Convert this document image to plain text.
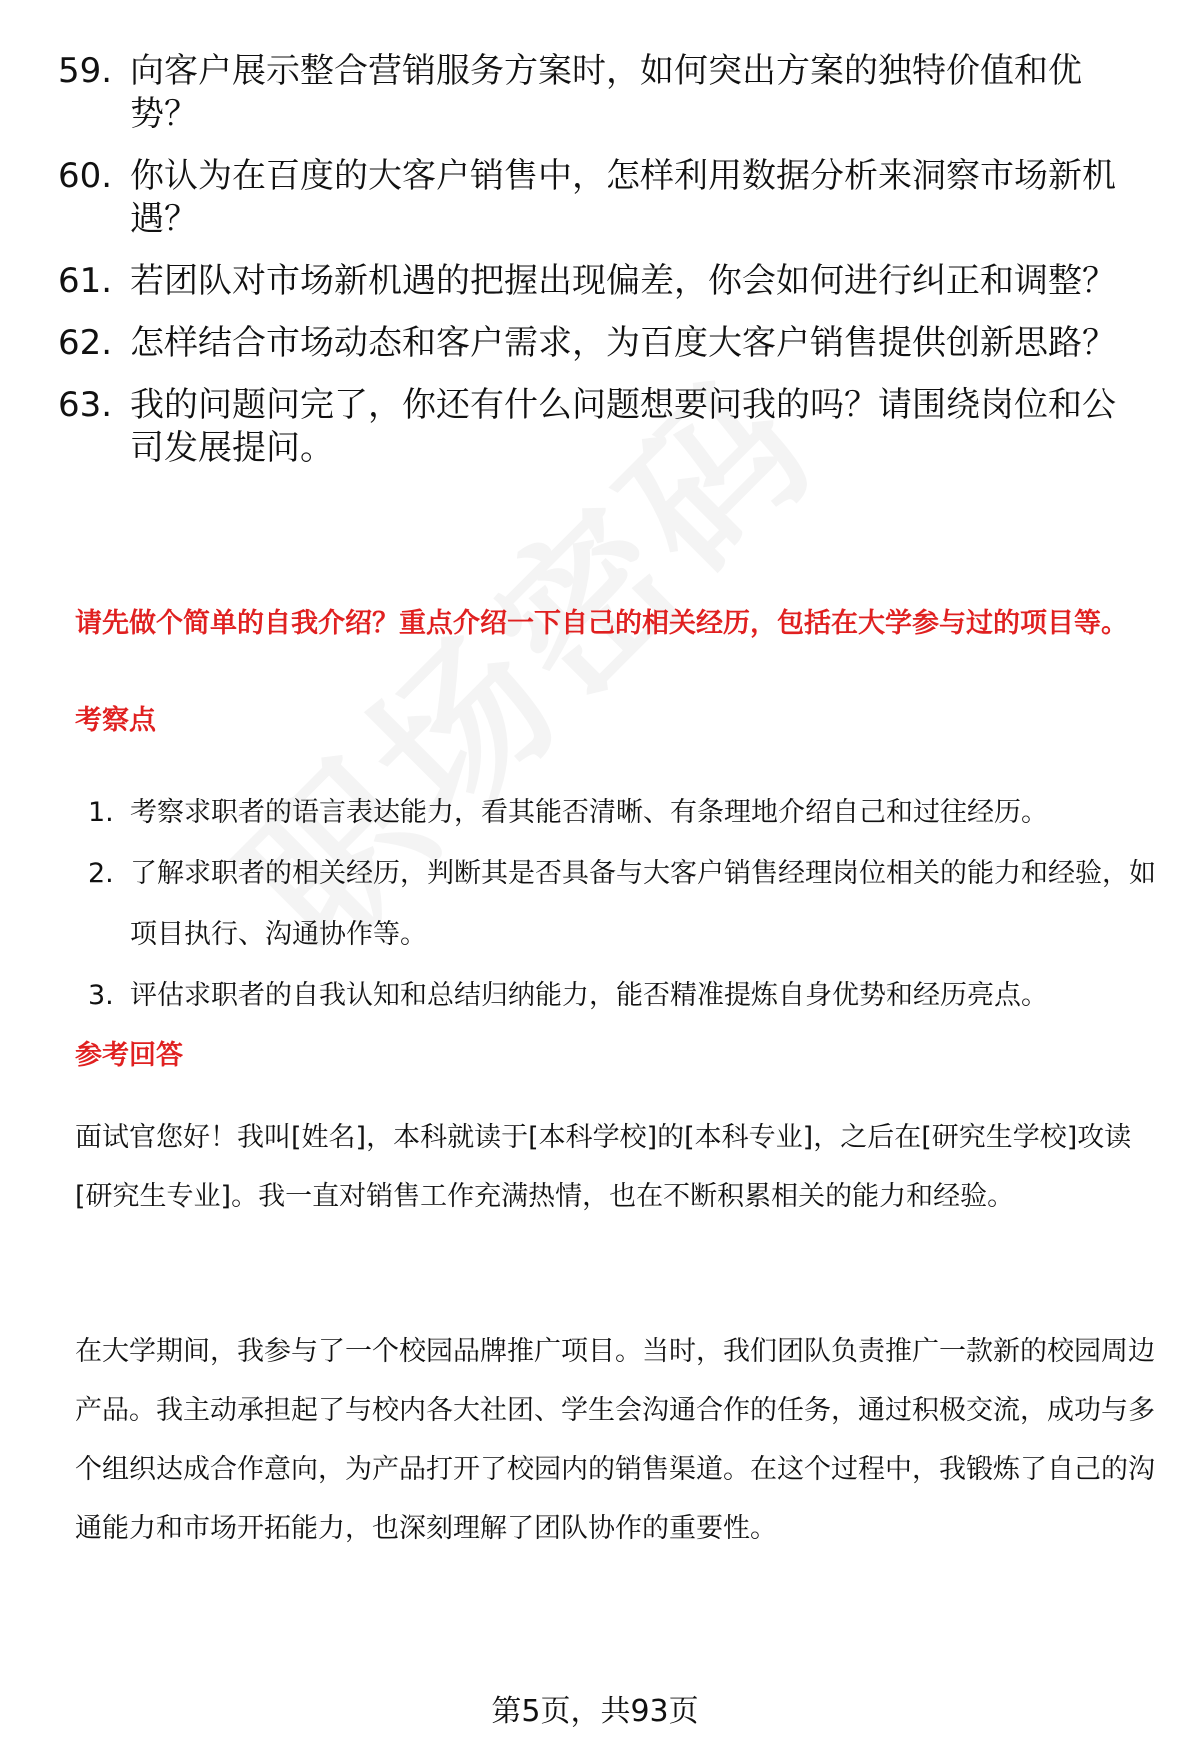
59. 向客户展示整合营销服务方案时，如何突出方案的独特价值和优势？
60. 你认为在百度的大客户销售中，怎样利用数据分析来洞察市场新机遇？
61. 若团队对市场新机遇的把握出现偏差，你会如何进行纠正和调整？
62. 怎样结合市场动态和客户需求，为百度大客户销售提供创新思路？
63. 我的问题问完了，你还有什么问题想要问我的吗？请围绕岗位和公司发展提问。
请先做个简单的自我介绍？重点介绍一下自己的相关经历，包括在大学参与过的项目等。
考察点
1. 考察求职者的语言表达能力，看其能否清晰、有条理地介绍自己和过往经历。
2. 了解求职者的相关经历，判断其是否具备与大客户销售经理岗位相关的能力和经验，如项目执行、沟通协作等。
3. 评估求职者的自我认知和总结归纳能力，能否精准提炼自身优势和经历亮点。
参考回答

面试官您好！我叫[姓名]，本科就读于[本科学校]的[本科专业]，之后在[研究生学校]攻读[研究生专业]。我一直对销售工作充满热情，也在不断积累相关的能力和经验。

在大学期间，我参与了一个校园品牌推广项目。当时，我们团队负责推广一款新的校园周边产品。我主动承担起了与校内各大社团、学生会沟通合作的任务，通过积极交流，成功与多个组织达成合作意向，为产品打开了校园内的销售渠道。在这个过程中，我锻炼了自己的沟通能力和市场开拓能力，也深刻理解了团队协作的重要性。

第5页，共93页
